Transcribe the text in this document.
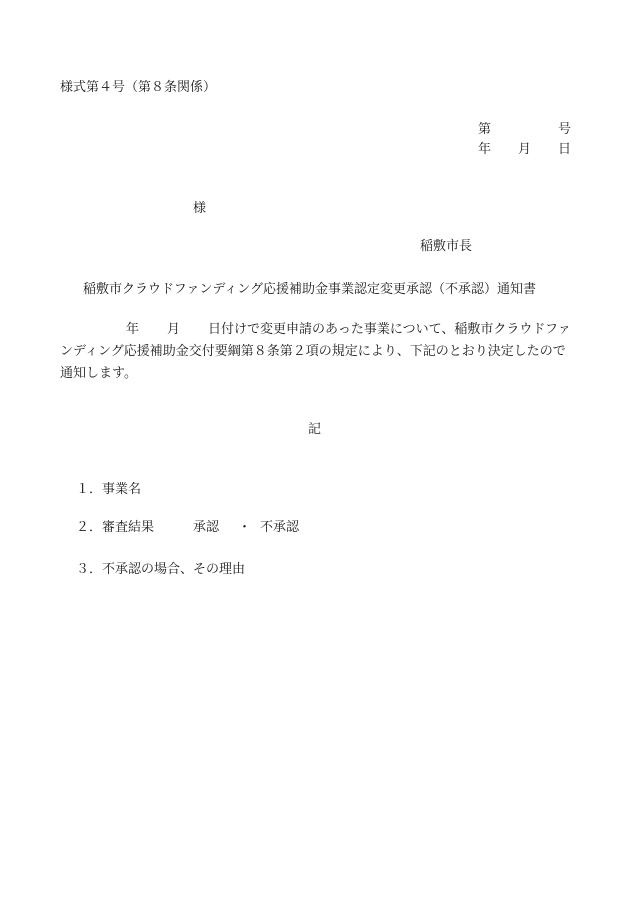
様式第４号（第８条関係）
第	号
年 月 日
様
稲敷市長
稲敷市クラウドファンディング応援補助金事業認定変更承認（不承認）通知書
年 月 日付けで変更申請のあった事業について、稲敷市クラウドファンディング応援補助金交付要綱第８条第２項の規定により、下記のとおり決定したので通知します。
記
１．事業名
２．審査結果	承認 ・ 不承認
３．不承認の場合、その理由
